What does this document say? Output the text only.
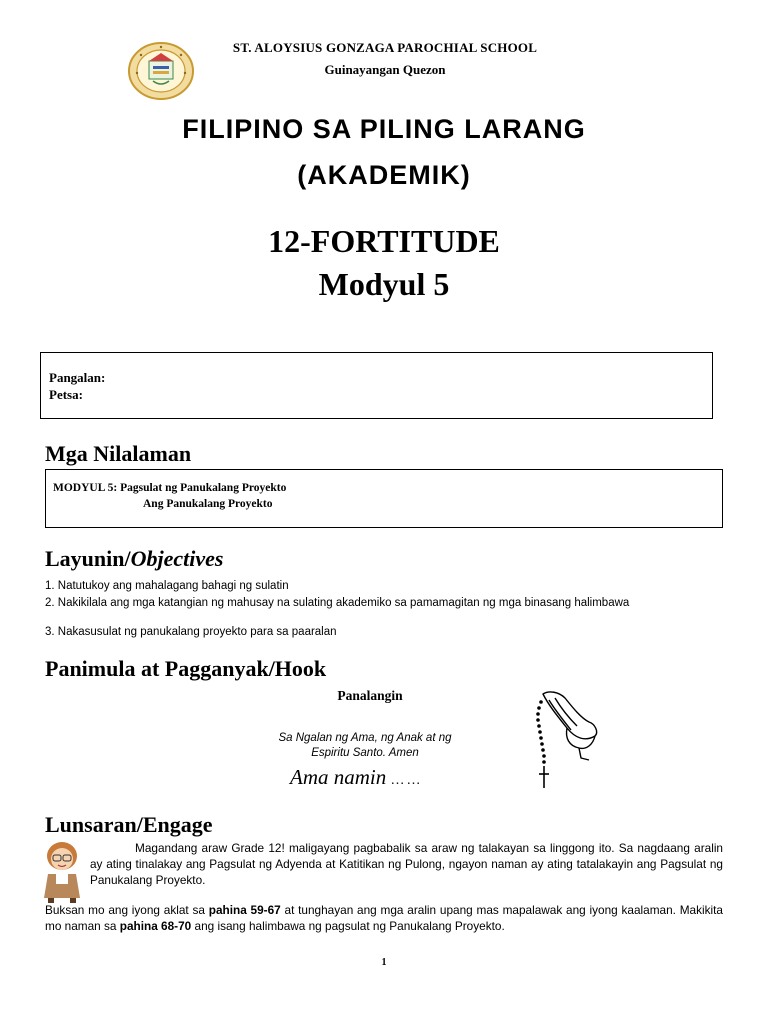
ST. ALOYSIUS GONZAGA PAROCHIAL SCHOOL
Guinayangan Quezon
FILIPINO SA PILING LARANG
(AKADEMIK)
12-FORTITUDE
Modyul 5
Pangalan:
Petsa:
Mga Nilalaman
MODYUL 5: Pagsulat ng Panukalang Proyekto
Ang Panukalang Proyekto
Layunin/Objectives
1. Natutukoy ang mahalagang bahagi ng sulatin
2. Nakikilala ang mga katangian ng mahusay na sulating akademiko sa pamamagitan ng mga binasang halimbawa
3. Nakasusulat ng panukalang proyekto para sa paaralan
Panimula at Pagganyak/Hook
Panalangin
Sa Ngalan ng Ama, ng Anak at ng
Espiritu Santo. Amen
Ama namin … …
Lunsaran/Engage
Magandang araw Grade 12! maligayang pagbabalik sa araw ng talakayan sa linggong ito. Sa nagdaang aralin ay ating tinalakay ang Pagsulat ng Adyenda at Katitikan ng Pulong, ngayon naman ay ating tatalakayin ang Pagsulat ng Panukalang Proyekto.
Buksan mo ang iyong aklat sa pahina 59-67 at tunghayan ang mga aralin upang mas mapalawak ang iyong kaalaman. Makikita mo naman sa pahina 68-70 ang isang halimbawa ng pagsulat ng Panukalang Proyekto.
1
